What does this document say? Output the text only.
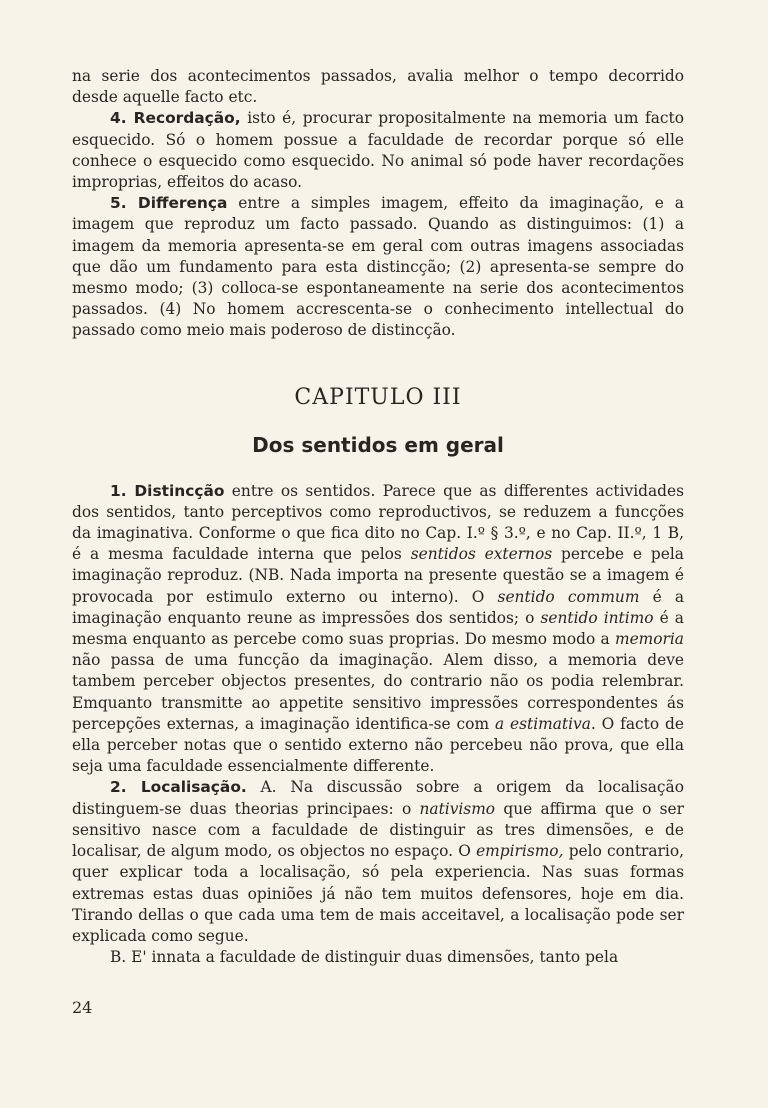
na serie dos acontecimentos passados, avalia melhor o tempo decorrido desde aquelle facto etc.

4. Recordação, isto é, procurar propositalmente na memoria um facto esquecido. Só o homem possue a faculdade de recordar porque só elle conhece o esquecido como esquecido. No animal só pode haver recordações improprias, effeitos do acaso.

5. Differença entre a simples imagem, effeito da imaginação, e a imagem que reproduz um facto passado. Quando as distinguimos: (1) a imagem da memoria apresenta-se em geral com outras imagens associadas que dão um fundamento para esta distincção; (2) apresenta-se sempre do mesmo modo; (3) colloca-se espontaneamente na serie dos acontecimentos passados. (4) No homem accrescenta-se o conhecimento intellectual do passado como meio mais poderoso de distincção.

CAPITULO III
Dos sentidos em geral

1. Distincção entre os sentidos. Parece que as differentes actividades dos sentidos, tanto perceptivos como reproductivos, se reduzem a funcções da imaginativa. Conforme o que fica dito no Cap. I.º § 3.º, e no Cap. II.º, 1 B, é a mesma faculdade interna que pelos sentidos externos percebe e pela imaginação reproduz. (NB. Nada importa na presente questão se a imagem é provocada por estimulo externo ou interno). O sentido commum é a imaginação enquanto reune as impressões dos sentidos; o sentido intimo é a mesma enquanto as percebe como suas proprias. Do mesmo modo a memoria não passa de uma funcção da imaginação. Alem disso, a memoria deve tambem perceber objectos presentes, do contrario não os podia relembrar. Emquanto transmitte ao appetite sensitivo impressões correspondentes ás percepções externas, a imaginação identifica-se com a estimativa. O facto de ella perceber notas que o sentido externo não percebeu não prova, que ella seja uma faculdade essencialmente differente.

2. Localisação. A. Na discussão sobre a origem da localisação distinguem-se duas theorias principaes: o nativismo que affirma que o ser sensitivo nasce com a faculdade de distinguir as tres dimensões, e de localisar, de algum modo, os objectos no espaço. O empirismo, pelo contrario, quer explicar toda a localisação, só pela experiencia. Nas suas formas extremas estas duas opiniões já não tem muitos defensores, hoje em dia. Tirando dellas o que cada uma tem de mais acceitavel, a localisação pode ser explicada como segue.

B. E' innata a faculdade de distinguir duas dimensões, tanto pela

24
